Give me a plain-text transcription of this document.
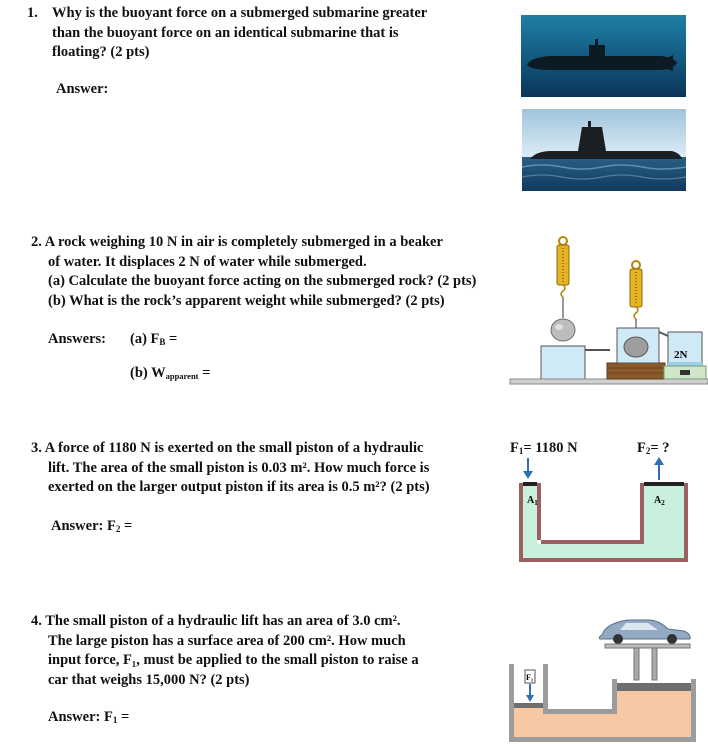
1. Why is the buoyant force on a submerged submarine greater
than the buoyant force on an identical submarine that is
floating? (2 pts)
Answer:
2. A rock weighing 10 N in air is completely submerged in a beaker
of water. It displaces 2 N of water while submerged.
(a) Calculate the buoyant force acting on the submerged rock? (2 pts)
(b) What is the rock’s apparent weight while submerged? (2 pts)
Answers: (a) $F_B$ =
(b) $W_{apparent}$ =
2N
3. A force of 1180 N is exerted on the small piston of a hydraulic
lift. The area of the small piston is 0.03 m². How much force is
exerted on the larger output piston if its area is 0.5 m²? (2 pts)
Answer: $F_2$ =
$F_1= 1180$ N	$F_2=$ ?
$A_1$	$A_2$
4. The small piston of a hydraulic lift has an area of 3.0 cm².
The large piston has a surface area of 200 cm². How much
input force, F₁, must be applied to the small piston to raise a
car that weighs 15,000 N? (2 pts)
Answer: $F_1$ =
F₁
